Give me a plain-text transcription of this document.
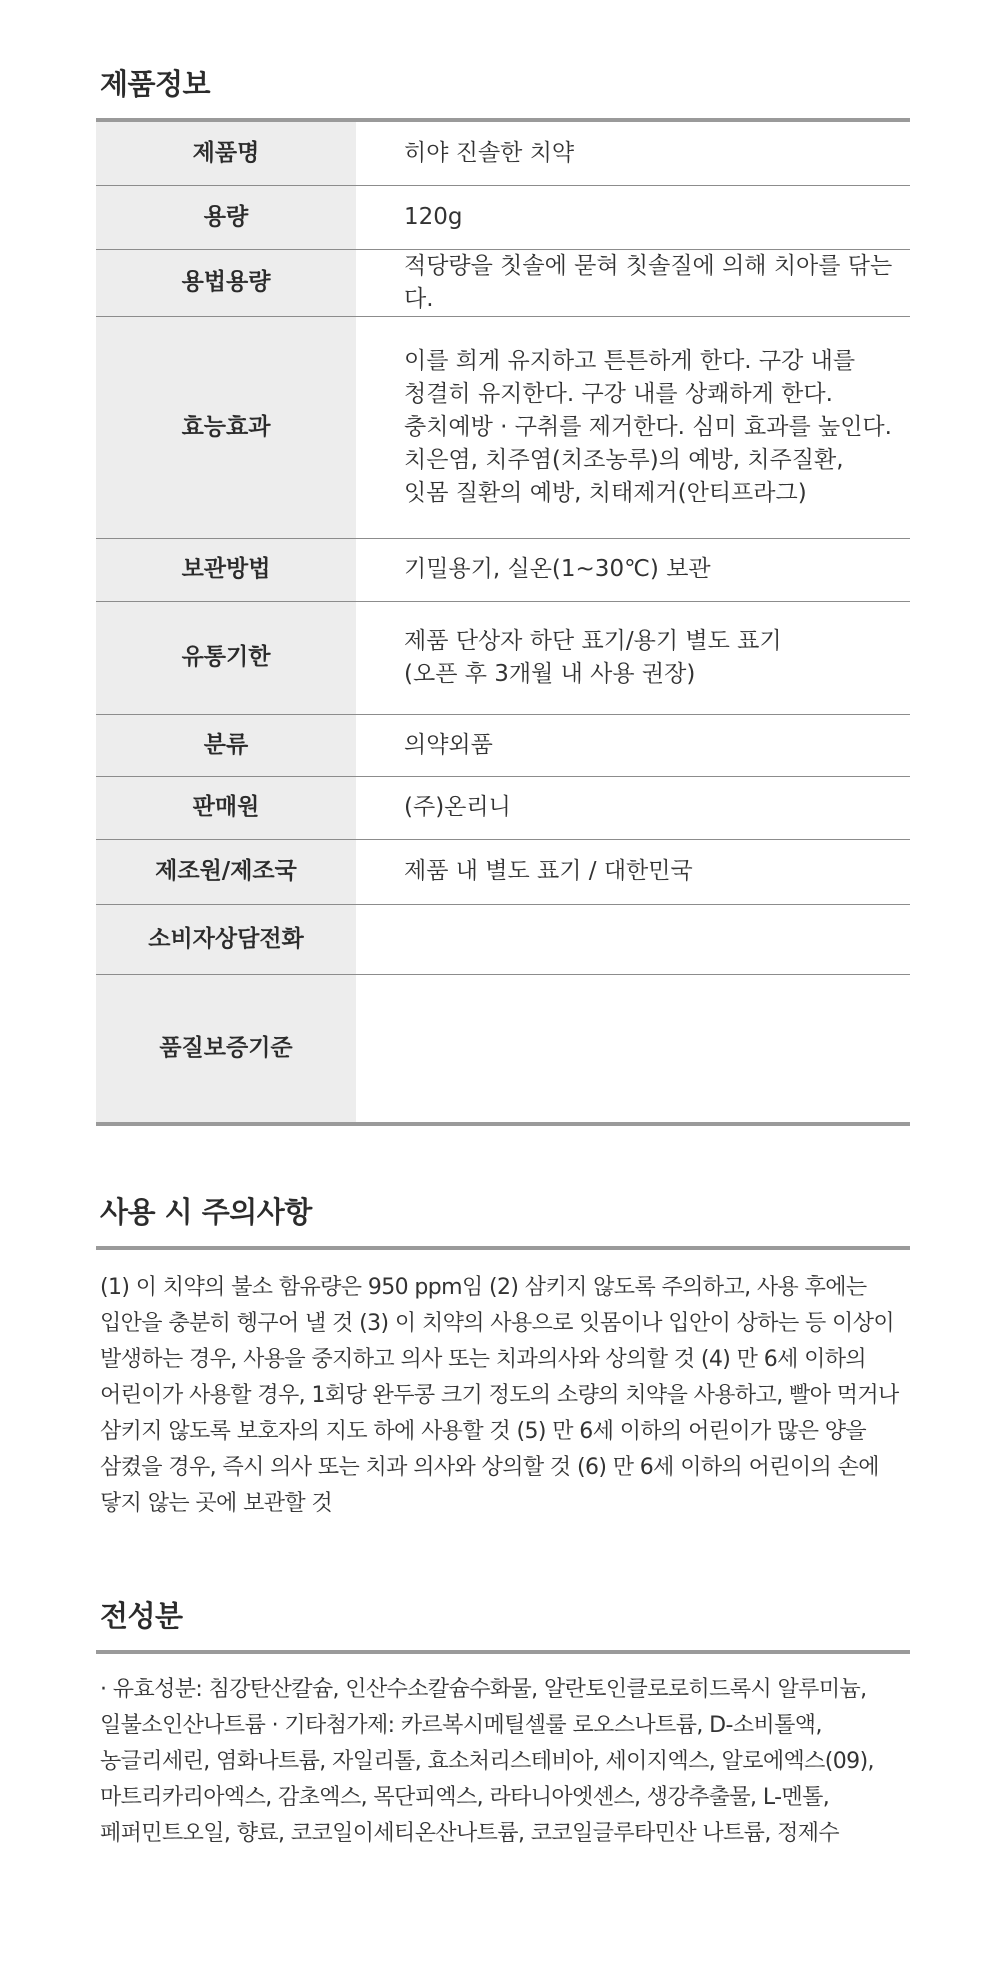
제품정보
제품명	히야 진솔한 치약
용량	120g
용법용량	적당량을 칫솔에 묻혀 칫솔질에 의해 치아를 닦는다.
효능효과	이를 희게 유지하고 튼튼하게 한다. 구강 내를
청결히 유지한다. 구강 내를 상쾌하게 한다.
충치예방 · 구취를 제거한다. 심미 효과를 높인다.
치은염, 치주염(치조농루)의 예방, 치주질환,
잇몸 질환의 예방, 치태제거(안티프라그)

보관방법	기밀용기, 실온(1~30℃) 보관
유통기한	제품 단상자 하단 표기/용기 별도 표기
(오픈 후 3개월 내 사용 권장)

분류	의약외품
판매원	(주)온리니
제조원/제조국	제품 내 별도 표기 / 대한민국
소비자상담전화	
품질보증기준	
사용 시 주의사항

(1) 이 치약의 불소 함유량은 950 ppm임 (2) 삼키지 않도록 주의하고, 사용 후에는 입안을 충분히 헹구어 낼 것 (3) 이 치약의 사용으로 잇몸이나 입안이 상하는 등 이상이 발생하는 경우, 사용을 중지하고 의사 또는 치과의사와 상의할 것 (4) 만 6세 이하의 어린이가 사용할 경우, 1회당 완두콩 크기 정도의 소량의 치약을 사용하고, 빨아 먹거나 삼키지 않도록 보호자의 지도 하에 사용할 것 (5) 만 6세 이하의 어린이가 많은 양을 삼켰을 경우, 즉시 의사 또는 치과 의사와 상의할 것 (6) 만 6세 이하의 어린이의 손에 닿지 않는 곳에 보관할 것

전성분

· 유효성분: 침강탄산칼슘, 인산수소칼슘수화물, 알란토인클로로히드록시 알루미늄, 일불소인산나트륨 · 기타첨가제: 카르복시메틸셀룰 로오스나트륨, D-소비톨액, 농글리세린, 염화나트륨, 자일리톨, 효소처리스테비아, 세이지엑스, 알로에엑스(09), 마트리카리아엑스, 감초엑스, 목단피엑스, 라타니아엣센스, 생강추출물, L-멘톨, 페퍼민트오일, 향료, 코코일이세티온산나트륨, 코코일글루타민산 나트륨, 정제수
